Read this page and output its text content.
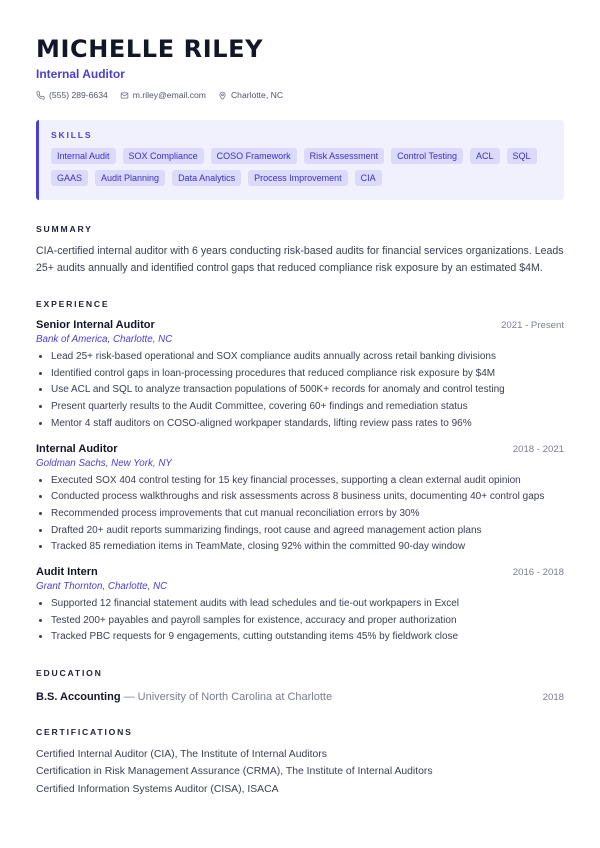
MICHELLE RILEY
Internal Auditor
(555) 289-6634	m.riley@email.com	Charlotte, NC
SKILLS
Internal Audit	SOX Compliance	COSO Framework	Risk Assessment	Control Testing	ACL	SQL
GAAS	Audit Planning	Data Analytics	Process Improvement	CIA
SUMMARY
CIA-certified internal auditor with 6 years conducting risk-based audits for financial services organizations. Leads 25+ audits annually and identified control gaps that reduced compliance risk exposure by an estimated $4M.
EXPERIENCE
Senior Internal Auditor	2021 - Present
Bank of America, Charlotte, NC
• Lead 25+ risk-based operational and SOX compliance audits annually across retail banking divisions
• Identified control gaps in loan-processing procedures that reduced compliance risk exposure by $4M
• Use ACL and SQL to analyze transaction populations of 500K+ records for anomaly and control testing
• Present quarterly results to the Audit Committee, covering 60+ findings and remediation status
• Mentor 4 staff auditors on COSO-aligned workpaper standards, lifting review pass rates to 96%
Internal Auditor	2018 - 2021
Goldman Sachs, New York, NY
• Executed SOX 404 control testing for 15 key financial processes, supporting a clean external audit opinion
• Conducted process walkthroughs and risk assessments across 8 business units, documenting 40+ control gaps
• Recommended process improvements that cut manual reconciliation errors by 30%
• Drafted 20+ audit reports summarizing findings, root cause and agreed management action plans
• Tracked 85 remediation items in TeamMate, closing 92% within the committed 90-day window
Audit Intern	2016 - 2018
Grant Thornton, Charlotte, NC
• Supported 12 financial statement audits with lead schedules and tie-out workpapers in Excel
• Tested 200+ payables and payroll samples for existence, accuracy and proper authorization
• Tracked PBC requests for 9 engagements, cutting outstanding items 45% by fieldwork close
EDUCATION
B.S. Accounting — University of North Carolina at Charlotte	2018
CERTIFICATIONS
Certified Internal Auditor (CIA), The Institute of Internal Auditors
Certification in Risk Management Assurance (CRMA), The Institute of Internal Auditors
Certified Information Systems Auditor (CISA), ISACA
